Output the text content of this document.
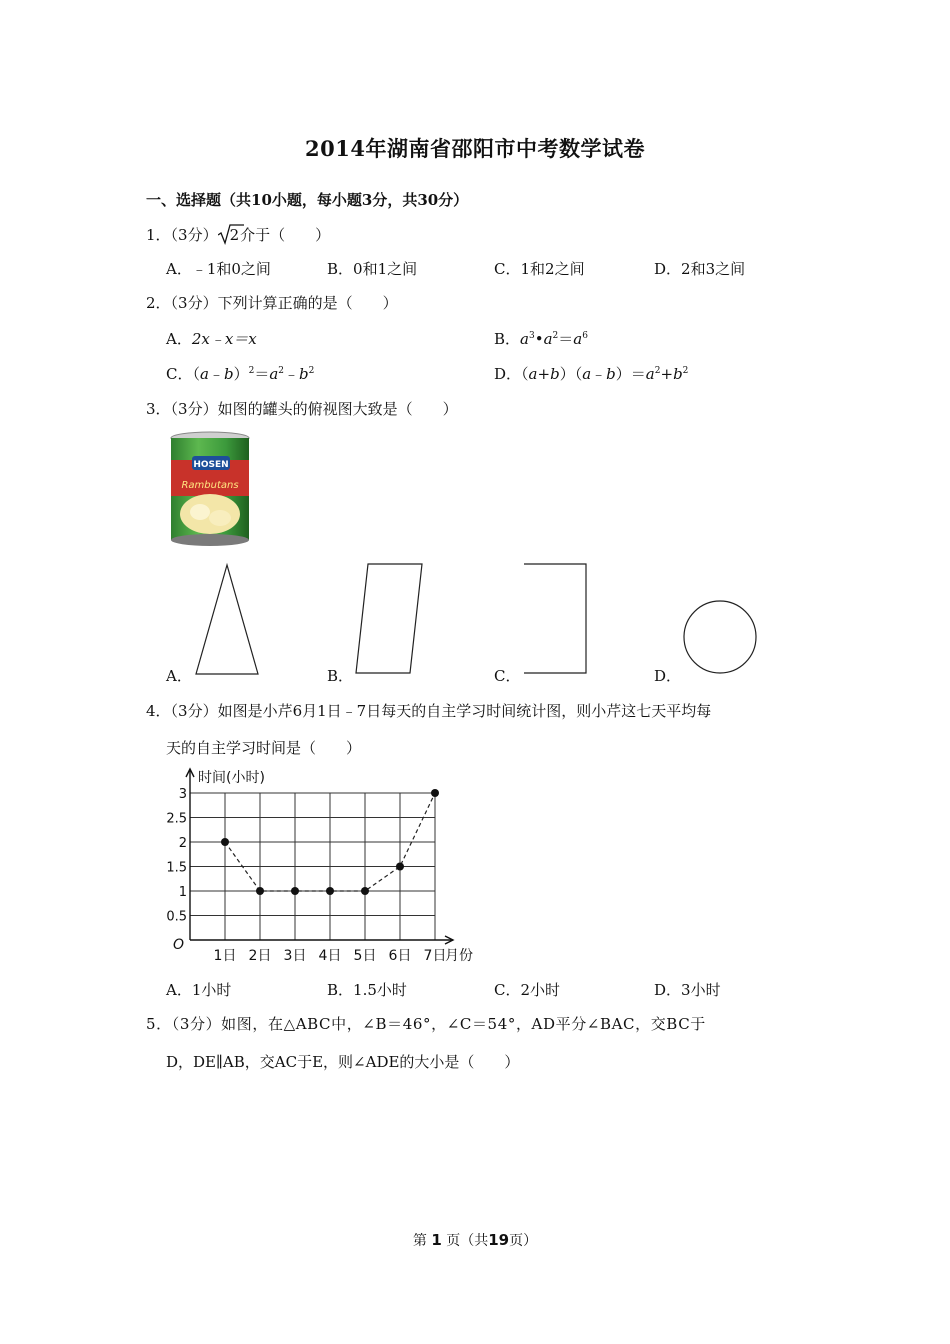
2014年湖南省邵阳市中考数学试卷
一、选择题（共10小题，每小题3分，共30分）
1．（3分） 2介于（　　）
A．﹣1和0之间	B．0和1之间	C．1和2之间	D．2和3之间
2．（3分）下列计算正确的是（　　）
A．2x﹣x＝x	B．$a^3•a^2=a^6$
C．$(a﹣b)^2=a^2﹣b^2$	D．$(a+b)(a﹣b)=a^2+b^2$
3．（3分）如图的罐头的俯视图大致是（　　）
HOSEN
Rambutans
A．	B．	C．	D．
4．（3分）如图是小芹6月1日﹣7日每天的自主学习时间统计图，则小芹这七天平均每
天的自主学习时间是（　　）
时间(小时)
0.5
1
1.5
2
2.5
3
1日 2日 3日 4日 5日 6日 7日
月份
O
A．1小时	B．1.5小时	C．2小时	D．3小时
5．（3分）如图，在△ABC中，∠B＝46°，∠C＝54°，AD平分∠BAC，交BC于
D，DE∥AB，交AC于E，则∠ADE的大小是（　　）
第 1 页（共19页）
